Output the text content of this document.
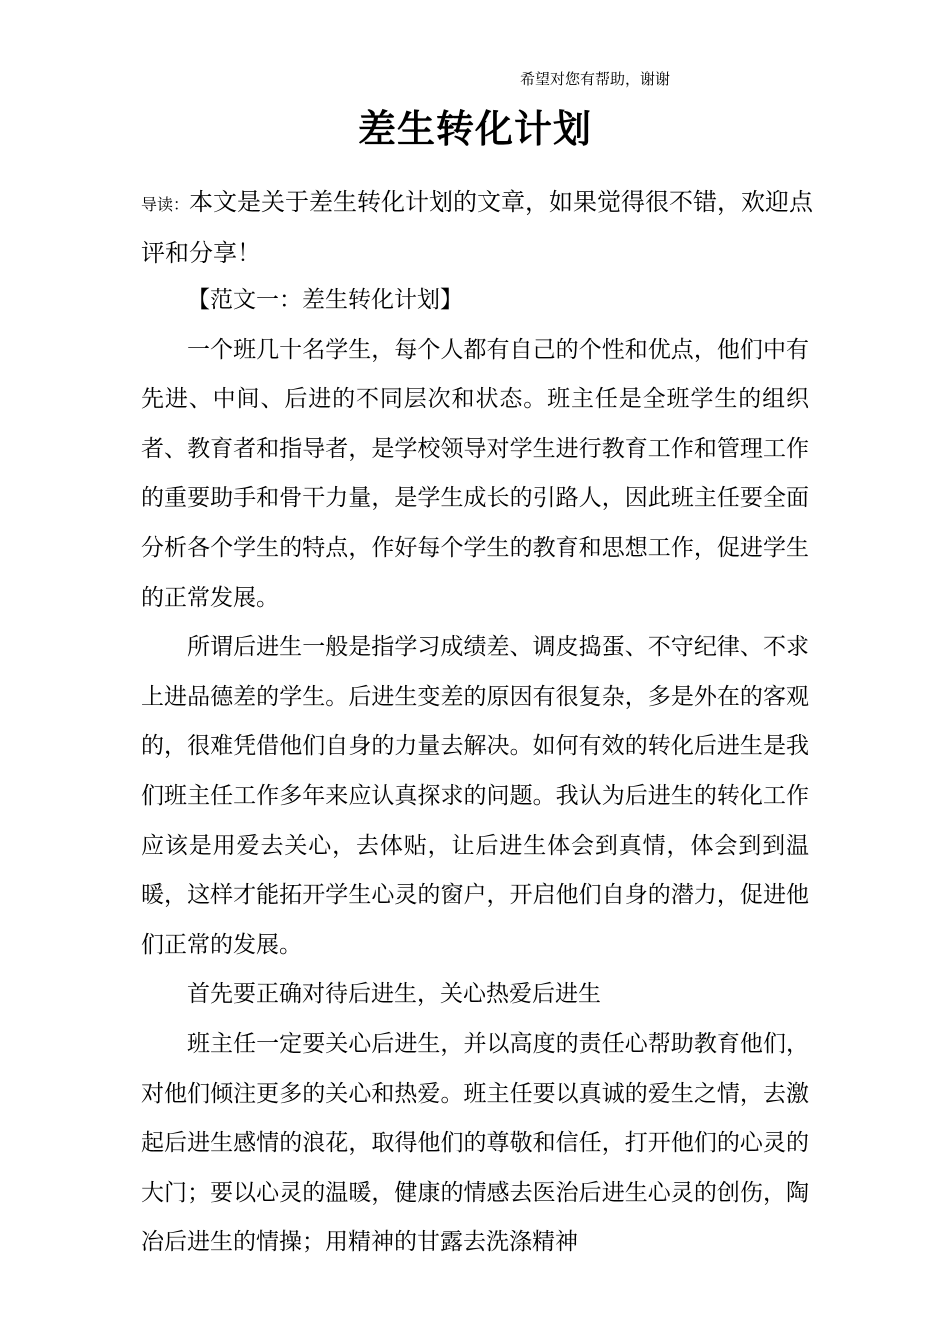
希望对您有帮助，谢谢
差生转化计划
导读：本文是关于差生转化计划的文章，如果觉得很不错，欢迎点评和分享！

【范文一：差生转化计划】

一个班几十名学生，每个人都有自己的个性和优点，他们中有先进、中间、后进的不同层次和状态。班主任是全班学生的组织者、教育者和指导者，是学校领导对学生进行教育工作和管理工作的重要助手和骨干力量，是学生成长的引路人，因此班主任要全面分析各个学生的特点，作好每个学生的教育和思想工作，促进学生的正常发展。

所谓后进生一般是指学习成绩差、调皮捣蛋、不守纪律、不求上进品德差的学生。后进生变差的原因有很复杂，多是外在的客观的，很难凭借他们自身的力量去解决。如何有效的转化后进生是我们班主任工作多年来应认真探求的问题。我认为后进生的转化工作应该是用爱去关心，去体贴，让后进生体会到真情，体会到到温暖，这样才能拓开学生心灵的窗户，开启他们自身的潜力，促进他们正常的发展。

首先要正确对待后进生，关心热爱后进生

班主任一定要关心后进生，并以高度的责任心帮助教育他们，对他们倾注更多的关心和热爱。班主任要以真诚的爱生之情，去激起后进生感情的浪花，取得他们的尊敬和信任，打开他们的心灵的大门；要以心灵的温暖，健康的情感去医治后进生心灵的创伤，陶冶后进生的情操；用精神的甘露去洗涤精神
